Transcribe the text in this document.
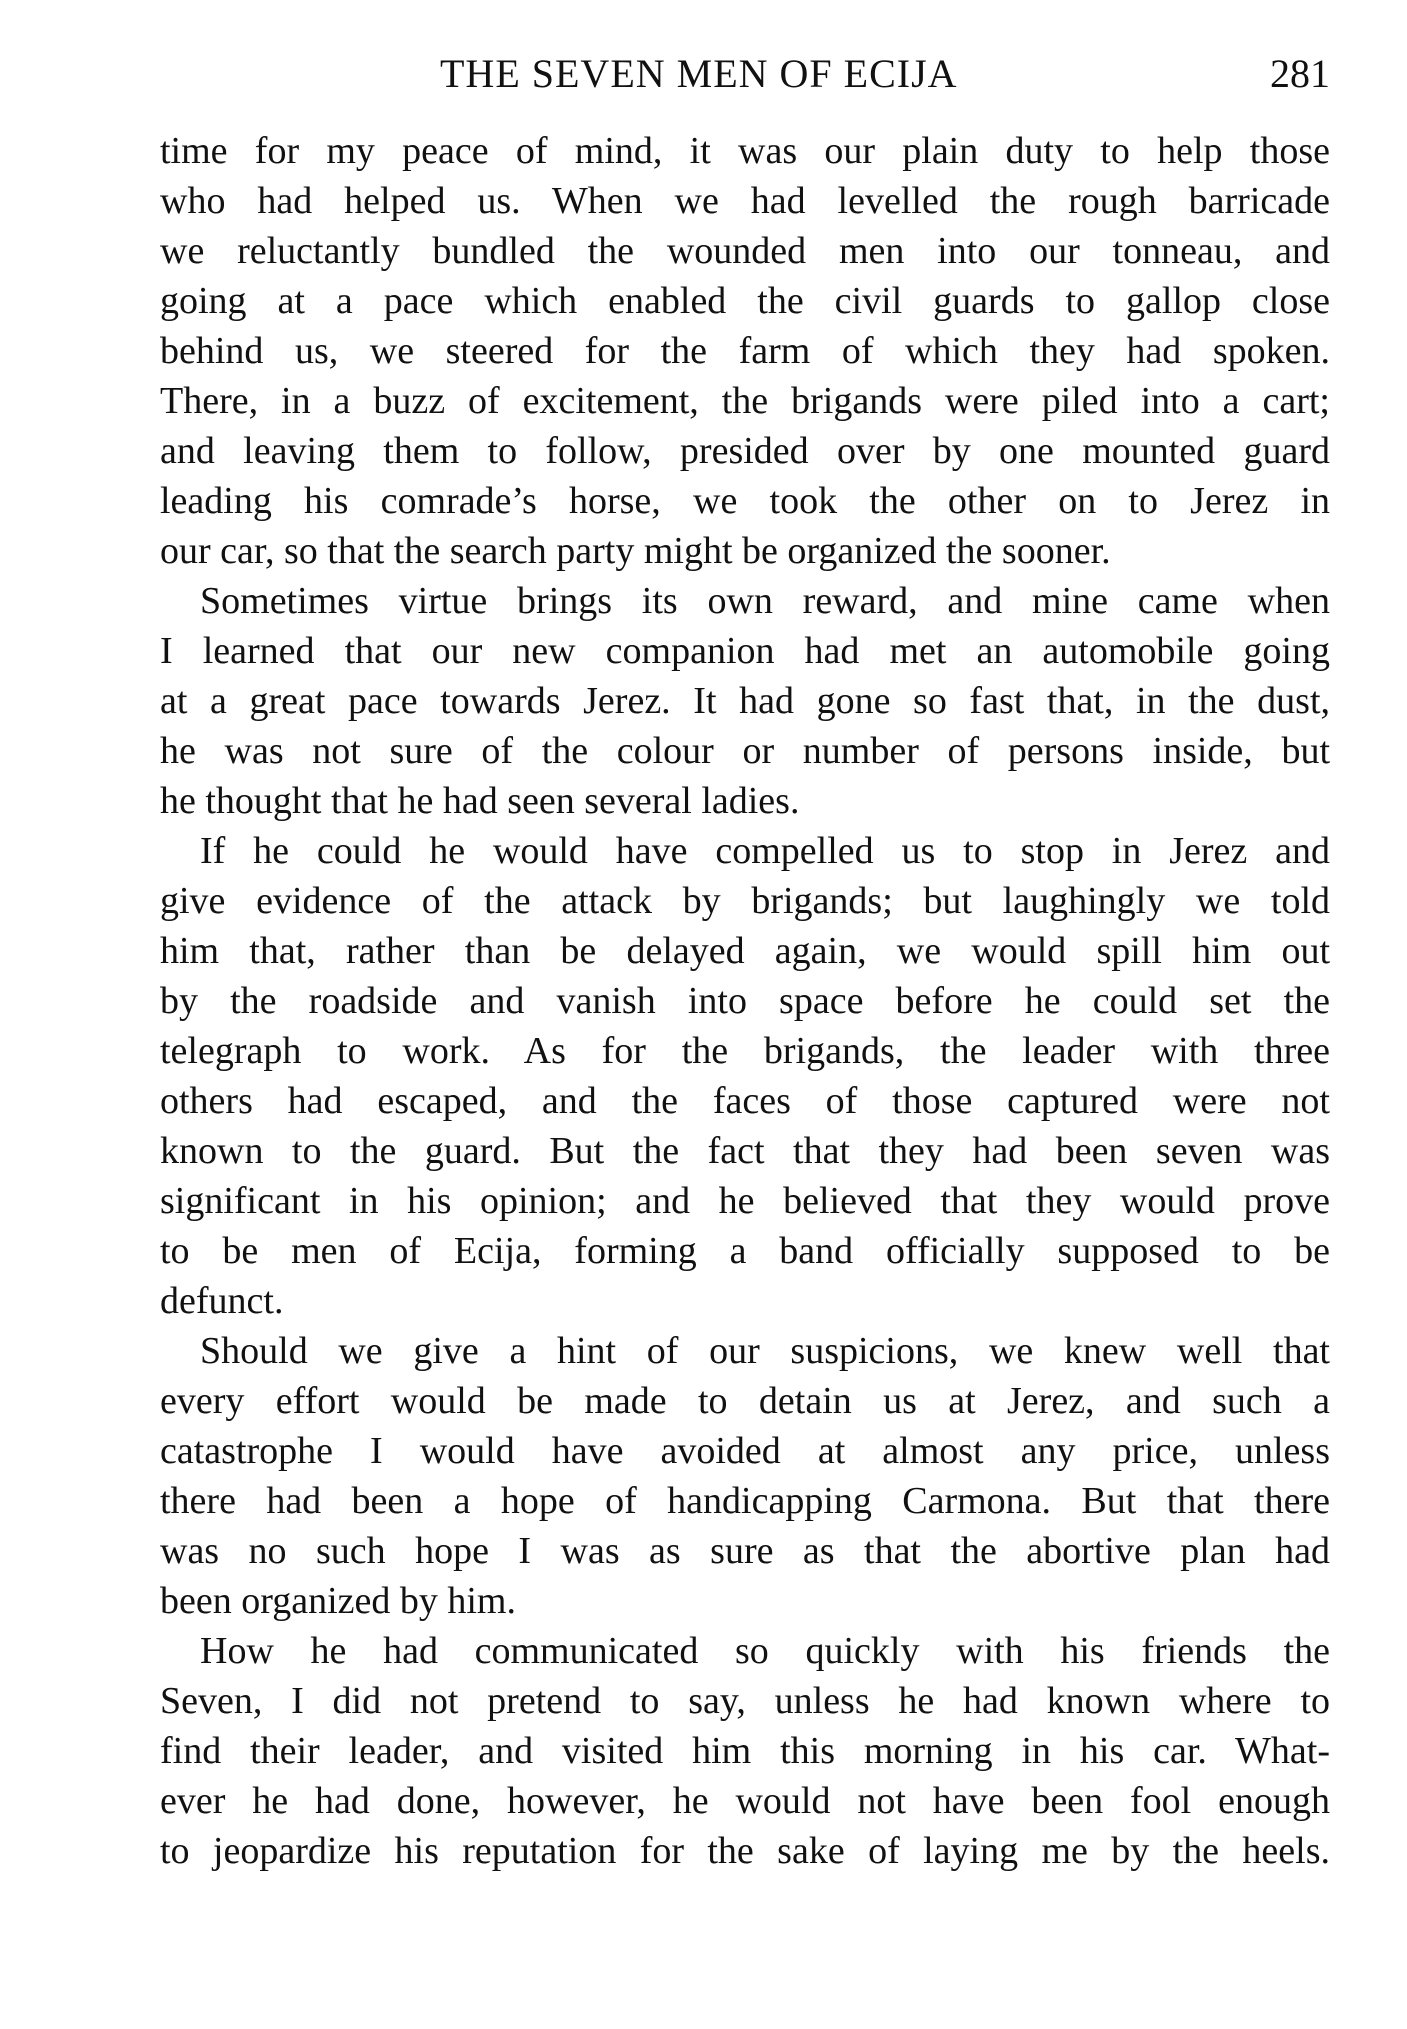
THE SEVEN MEN OF ECIJA	281
time for my peace of mind, it was our plain duty to help those
who had helped us. When we had levelled the rough barricade
we reluctantly bundled the wounded men into our tonneau, and
going at a pace which enabled the civil guards to gallop close
behind us, we steered for the farm of which they had spoken.
There, in a buzz of excitement, the brigands were piled into a cart;
and leaving them to follow, presided over by one mounted guard
leading his comrade’s horse, we took the other on to Jerez in
our car, so that the search party might be organized the sooner.
Sometimes virtue brings its own reward, and mine came when
I learned that our new companion had met an automobile going
at a great pace towards Jerez. It had gone so fast that, in the dust,
he was not sure of the colour or number of persons inside, but
he thought that he had seen several ladies.
If he could he would have compelled us to stop in Jerez and
give evidence of the attack by brigands; but laughingly we told
him that, rather than be delayed again, we would spill him out
by the roadside and vanish into space before he could set the
telegraph to work. As for the brigands, the leader with three
others had escaped, and the faces of those captured were not
known to the guard. But the fact that they had been seven was
significant in his opinion; and he believed that they would prove
to be men of Ecija, forming a band officially supposed to be
defunct.
Should we give a hint of our suspicions, we knew well that
every effort would be made to detain us at Jerez, and such a
catastrophe I would have avoided at almost any price, unless
there had been a hope of handicapping Carmona. But that there
was no such hope I was as sure as that the abortive plan had
been organized by him.
How he had communicated so quickly with his friends the
Seven, I did not pretend to say, unless he had known where to
find their leader, and visited him this morning in his car. What-
ever he had done, however, he would not have been fool enough
to jeopardize his reputation for the sake of laying me by the heels.
